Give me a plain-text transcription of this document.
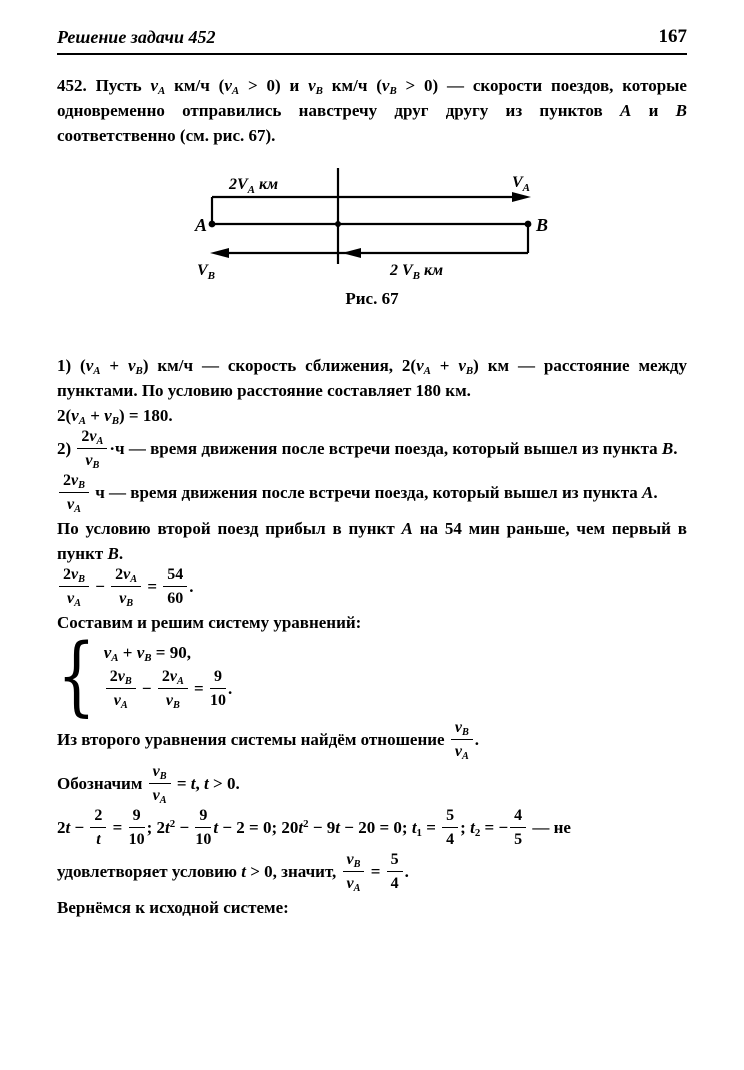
Решение задачи 452	167

452. Пусть $v_A$ км/ч $(v_A > 0)$ и $v_B$ км/ч $(v_B > 0)$ — скорости поездов, которые одновременно отправились навстречу друг другу из пунктов A и B соответственно (см. рис. 67).

$2V_A$ км	$V_A$
A	B
$V_B$	2 $V_B$ км
Рис. 67

1) $(v_A + v_B)$ км/ч — скорость сближения, $2(v_A + v_B)$ км — расстояние между пунктами. По условию расстояние составляет 180 км.

$2(v_A + v_B) = 180$.

$2) \frac{2v_A}{v_B} \cdot ч$ — время движения после встречи поезда, который вышел из пункта B.

$\frac{2v_B}{v_A}$ ч — время движения после встречи поезда, который вышел из пункта A.

По условию второй поезд прибыл в пункт A на 54 мин раньше, чем первый в пункт B.

$\frac{2v_B}{v_A} - \frac{2v_A}{v_B} = \frac{54}{60}$ .

Составим и решим систему уравнений:

{ $v_A + v_B = 90$,

$\frac{2v_B}{v_A} - \frac{2v_A}{v_B} = \frac{9}{10}$ .

Из второго уравнения системы найдём отношение $\frac{v_B}{v_A}$ .

Обозначим $\frac{v_B}{v_A} = t$, t > 0.

$2t - \frac{2}{t} = \frac{9}{10}$ ; $2t^2 - \frac{9}{10}$ t − 2 = 0; $20t^2 - 9t - 20 = 0$; $t_1 = \frac{5}{4}$ ; $t_2$ = − $\frac{4}{5}$ — не

удовлетворяет условию t > 0, значит, $\frac{v_B}{v_A} = \frac{5}{4}$ .

Вернёмся к исходной системе:
